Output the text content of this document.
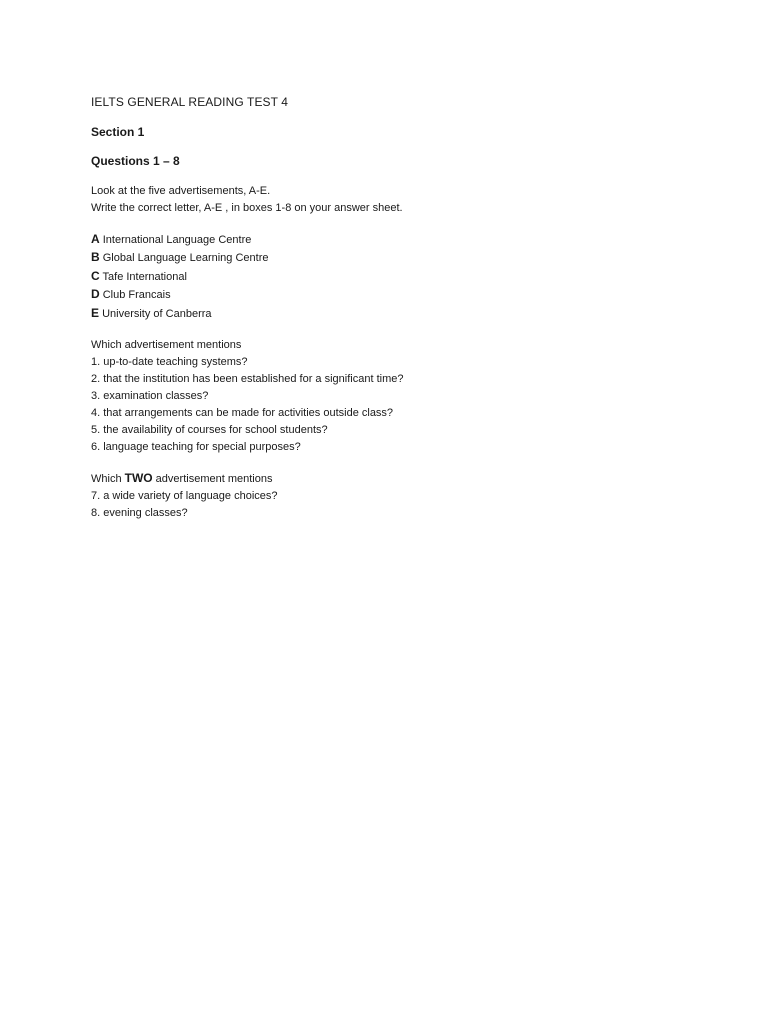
IELTS GENERAL READING TEST 4
Section 1
Questions 1 – 8

Look at the five advertisements, A-E.

Write the correct letter, A-E , in boxes 1-8 on your answer sheet.

A International Language Centre
B Global Language Learning Centre
C Tafe International
D Club Francais
E University of Canberra

Which advertisement mentions

1. up-to-date teaching systems?

2. that the institution has been established for a significant time?

3. examination classes?

4. that arrangements can be made for activities outside class?

5. the availability of courses for school students?

6. language teaching for special purposes?

Which TWO advertisement mentions

7. a wide variety of language choices?

8. evening classes?
